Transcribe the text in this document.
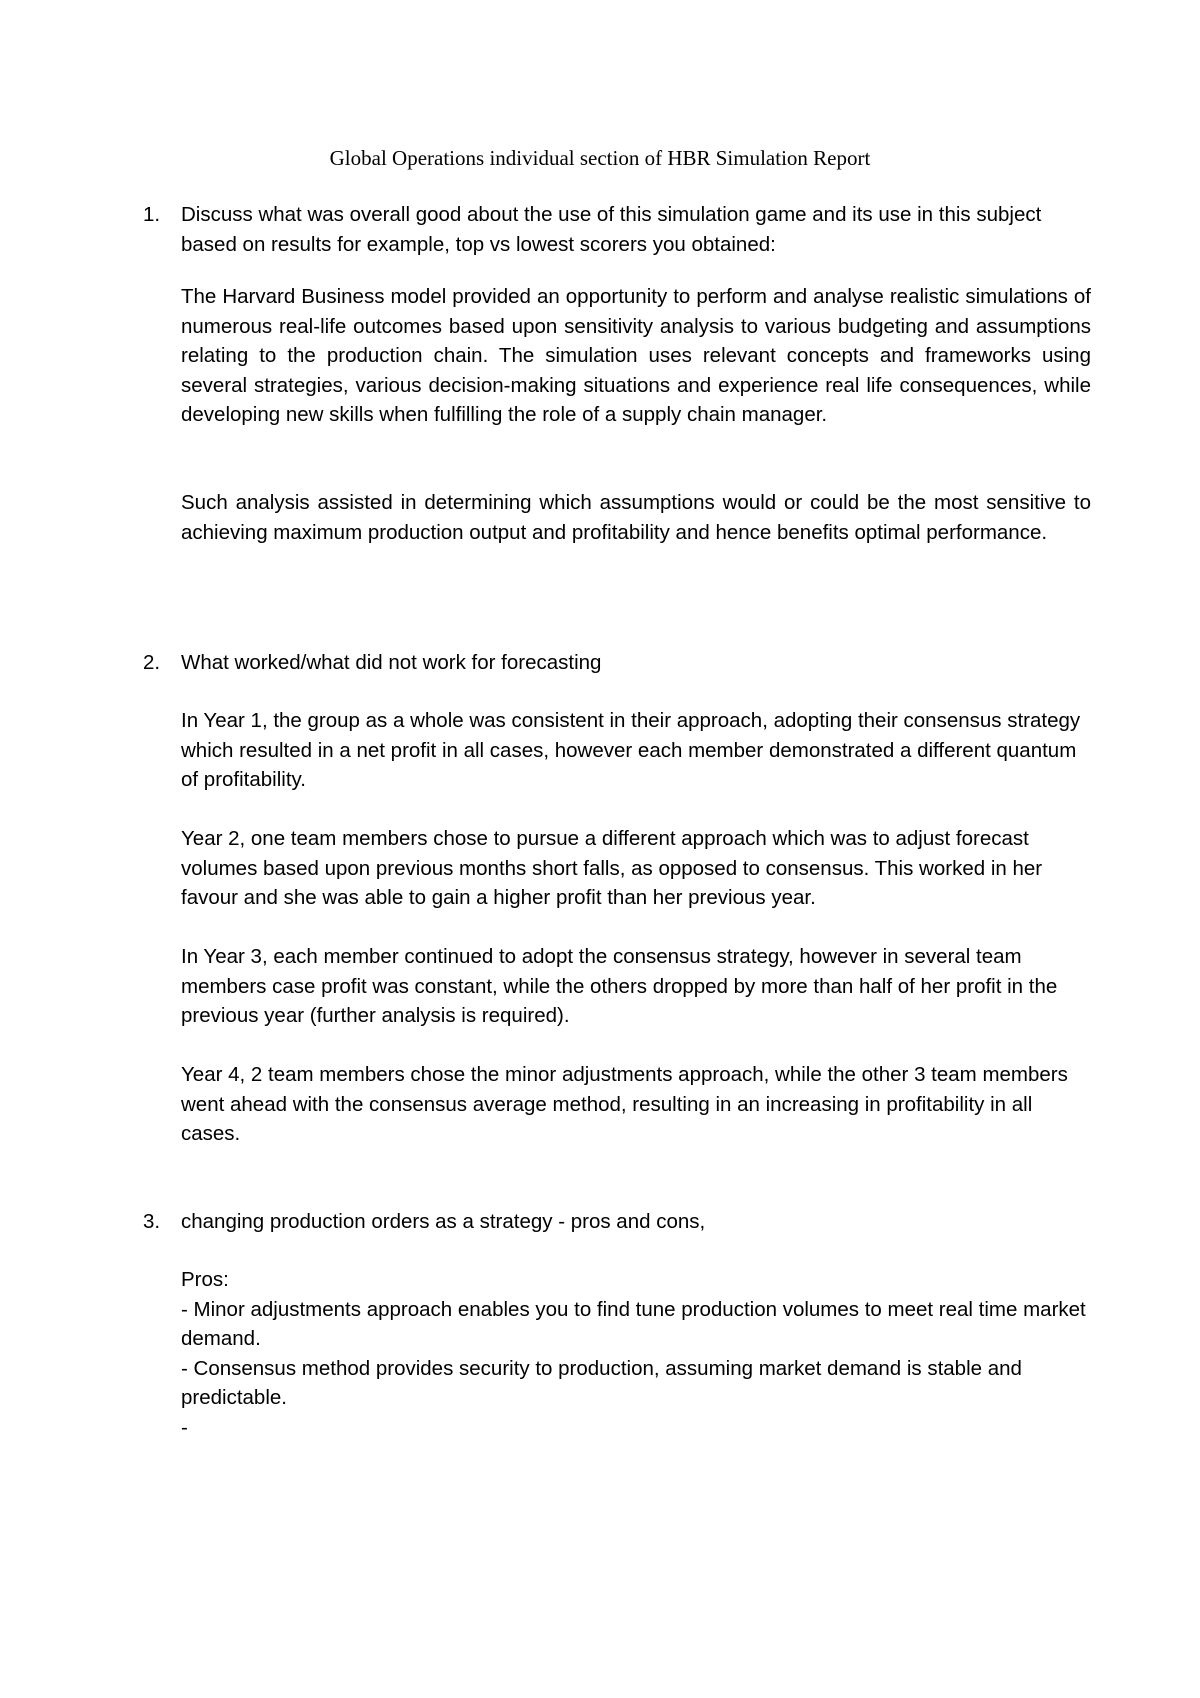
Global Operations individual section of HBR Simulation Report
1.	Discuss what was overall good about the use of this simulation game and its use in this subject based on results for example, top vs lowest scorers you obtained:

The Harvard Business model provided an opportunity to perform and analyse realistic simulations of numerous real-life outcomes based upon sensitivity analysis to various budgeting and assumptions relating to the production chain. The simulation uses relevant concepts and frameworks using several strategies, various decision-making situations and experience real life consequences, while developing new skills when fulfilling the role of a supply chain manager.

Such analysis assisted in determining which assumptions would or could be the most sensitive to achieving maximum production output and profitability and hence benefits optimal performance.

2.	What worked/what did not work for forecasting

In Year 1, the group as a whole was consistent in their approach, adopting their consensus strategy which resulted in a net profit in all cases, however each member demonstrated a different quantum of profitability.

Year 2, one team members chose to pursue a different approach which was to adjust forecast volumes based upon previous months short falls, as opposed to consensus. This worked in her favour and she was able to gain a higher profit than her previous year.

In Year 3, each member continued to adopt the consensus strategy, however in several team members case profit was constant, while the others dropped by more than half of her profit in the previous year (further analysis is required).

Year 4, 2 team members chose the minor adjustments approach, while the other 3 team members went ahead with the consensus average method, resulting in an increasing in profitability in all cases.

3.	changing production orders as a strategy - pros and cons,

Pros:
- Minor adjustments approach enables you to find tune production volumes to meet real time market demand.
- Consensus method provides security to production, assuming market demand is stable and predictable.
-
